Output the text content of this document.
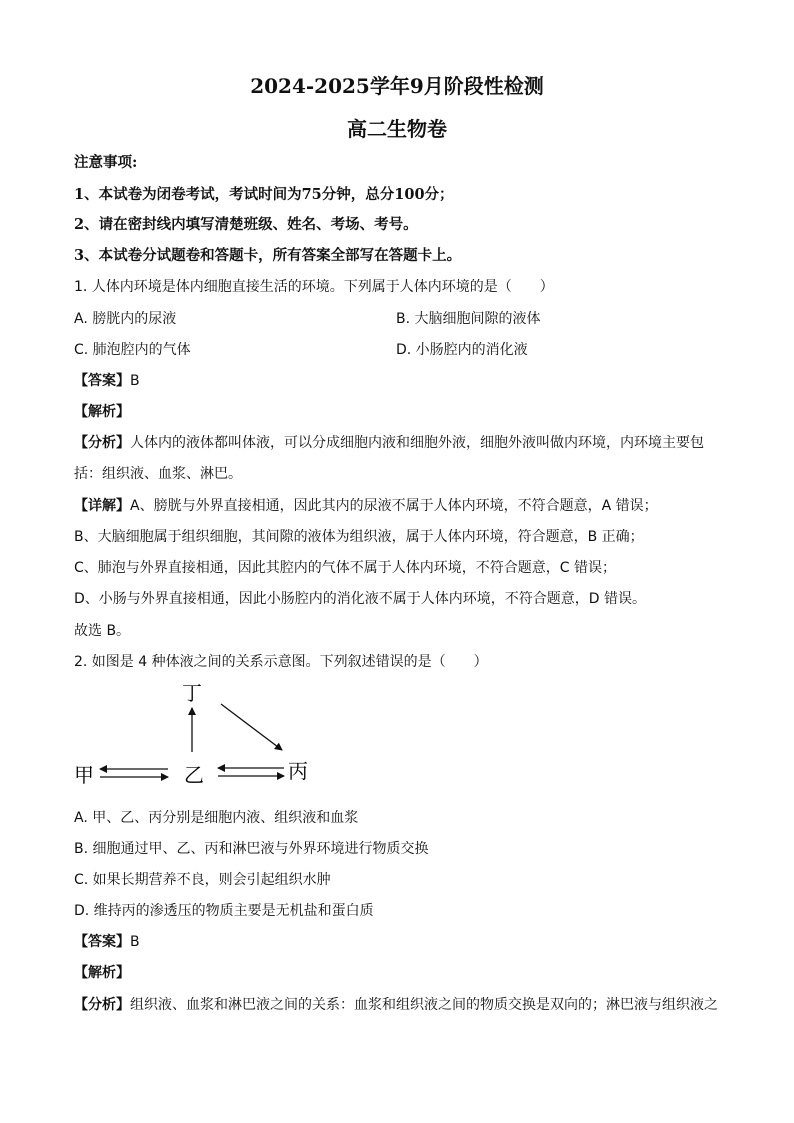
2024-2025学年9月阶段性检测
高二生物卷
注意事项:
1、本试卷为闭卷考试，考试时间为75分钟，总分100分；
2、请在密封线内填写清楚班级、姓名、考场、考号。
3、本试卷分试题卷和答题卡，所有答案全部写在答题卡上。
1. 人体内环境是体内细胞直接生活的环境。下列属于人体内环境的是（　　）
A. 膀胱内的尿液	B. 大脑细胞间隙的液体
C. 肺泡腔内的气体	D. 小肠腔内的消化液
【答案】B
【解析】
【分析】人体内的液体都叫体液，可以分成细胞内液和细胞外液，细胞外液叫做内环境，内环境主要包
括：组织液、血浆、淋巴。
【详解】A、膀胱与外界直接相通，因此其内的尿液不属于人体内环境，不符合题意，A 错误；
B、大脑细胞属于组织细胞，其间隙的液体为组织液，属于人体内环境，符合题意，B 正确；
C、肺泡与外界直接相通，因此其腔内的气体不属于人体内环境，不符合题意，C 错误；
D、小肠与外界直接相通，因此小肠腔内的消化液不属于人体内环境，不符合题意，D 错误。
故选 B。
2. 如图是 4 种体液之间的关系示意图。下列叙述错误的是（　　）
丁
甲	乙	丙
A. 甲、乙、丙分别是细胞内液、组织液和血浆
B. 细胞通过甲、乙、丙和淋巴液与外界环境进行物质交换
C. 如果长期营养不良，则会引起组织水肿
D. 维持丙的渗透压的物质主要是无机盐和蛋白质
【答案】B
【解析】
【分析】组织液、血浆和淋巴液之间的关系：血浆和组织液之间的物质交换是双向的；淋巴液与组织液之
